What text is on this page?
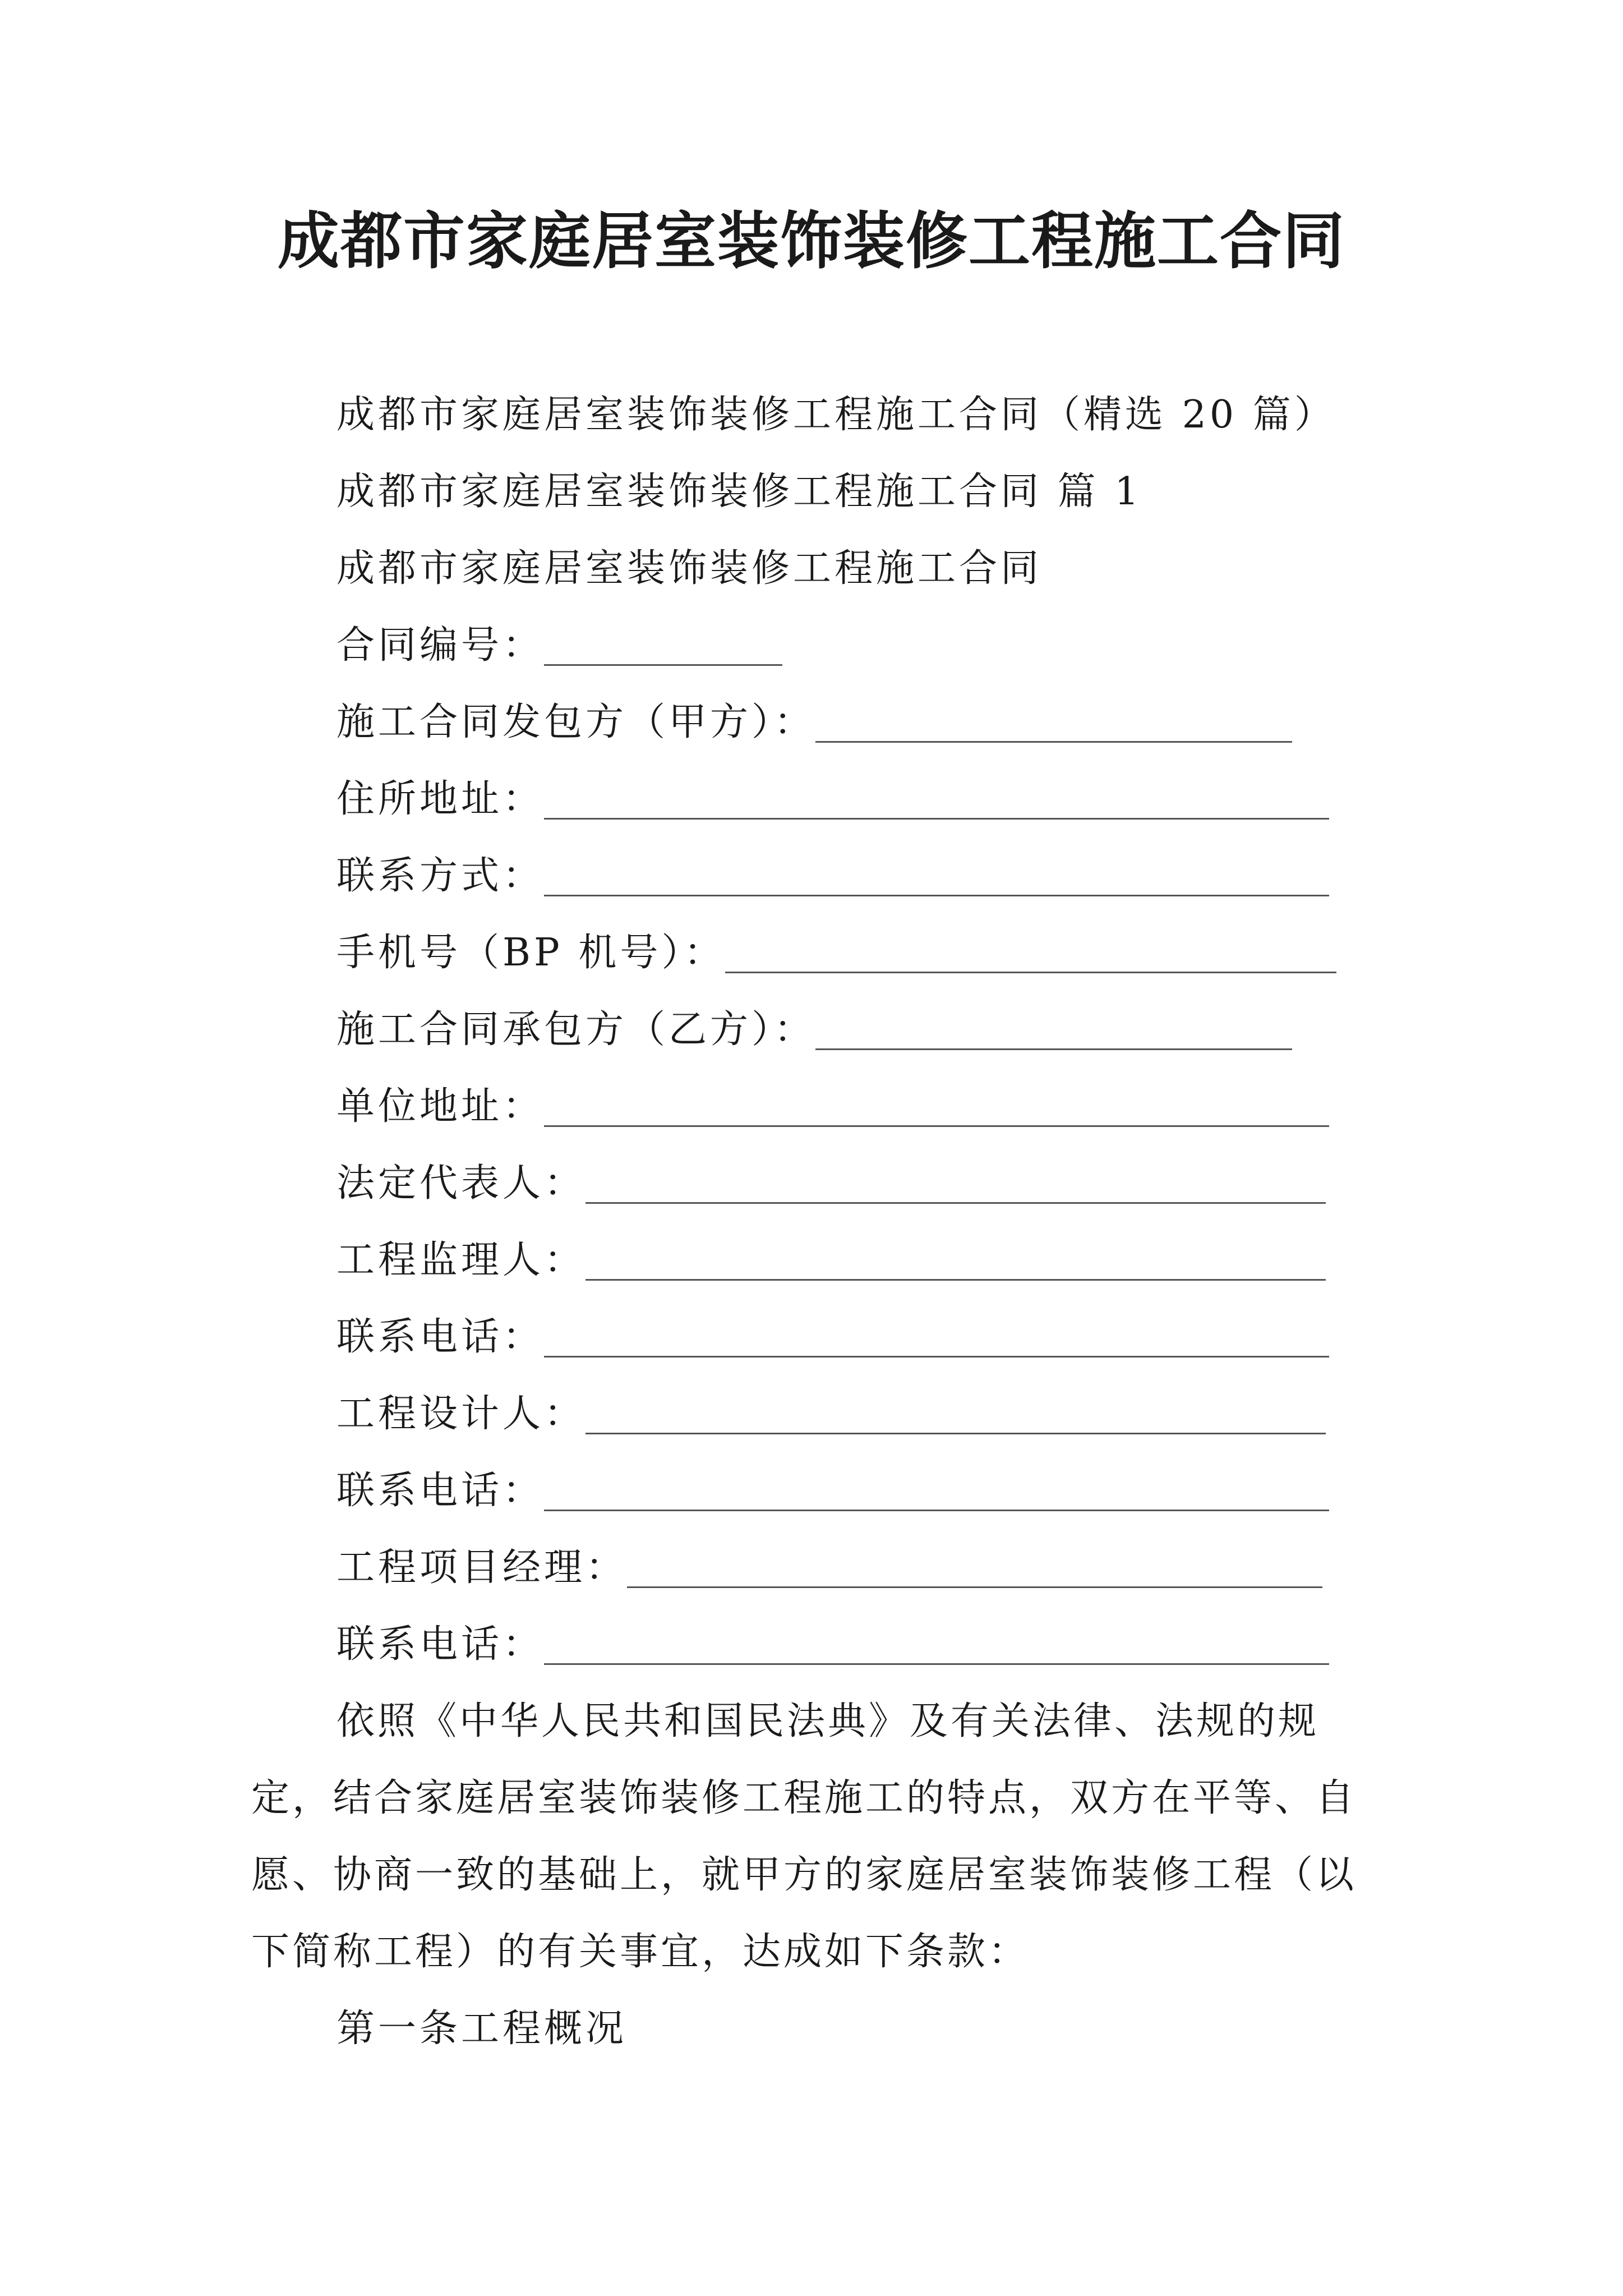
成都市家庭居室装饰装修工程施工合同
成都市家庭居室装饰装修工程施工合同（精选 20 篇）
成都市家庭居室装饰装修工程施工合同 篇 1
成都市家庭居室装饰装修工程施工合同
合同编号：
施工合同发包方（甲方）：
住所地址：
联系方式：
手机号（BP 机号）：
施工合同承包方（乙方）：
单位地址：
法定代表人：
工程监理人：
联系电话：
工程设计人：
联系电话：
工程项目经理：
联系电话：
依照《中华人民共和国民法典》及有关法律、法规的规定，结合家庭居室装饰装修工程施工的特点，双方在平等、自愿、协商一致的基础上，就甲方的家庭居室装饰装修工程（以下简称工程）的有关事宜，达成如下条款：
第一条工程概况
